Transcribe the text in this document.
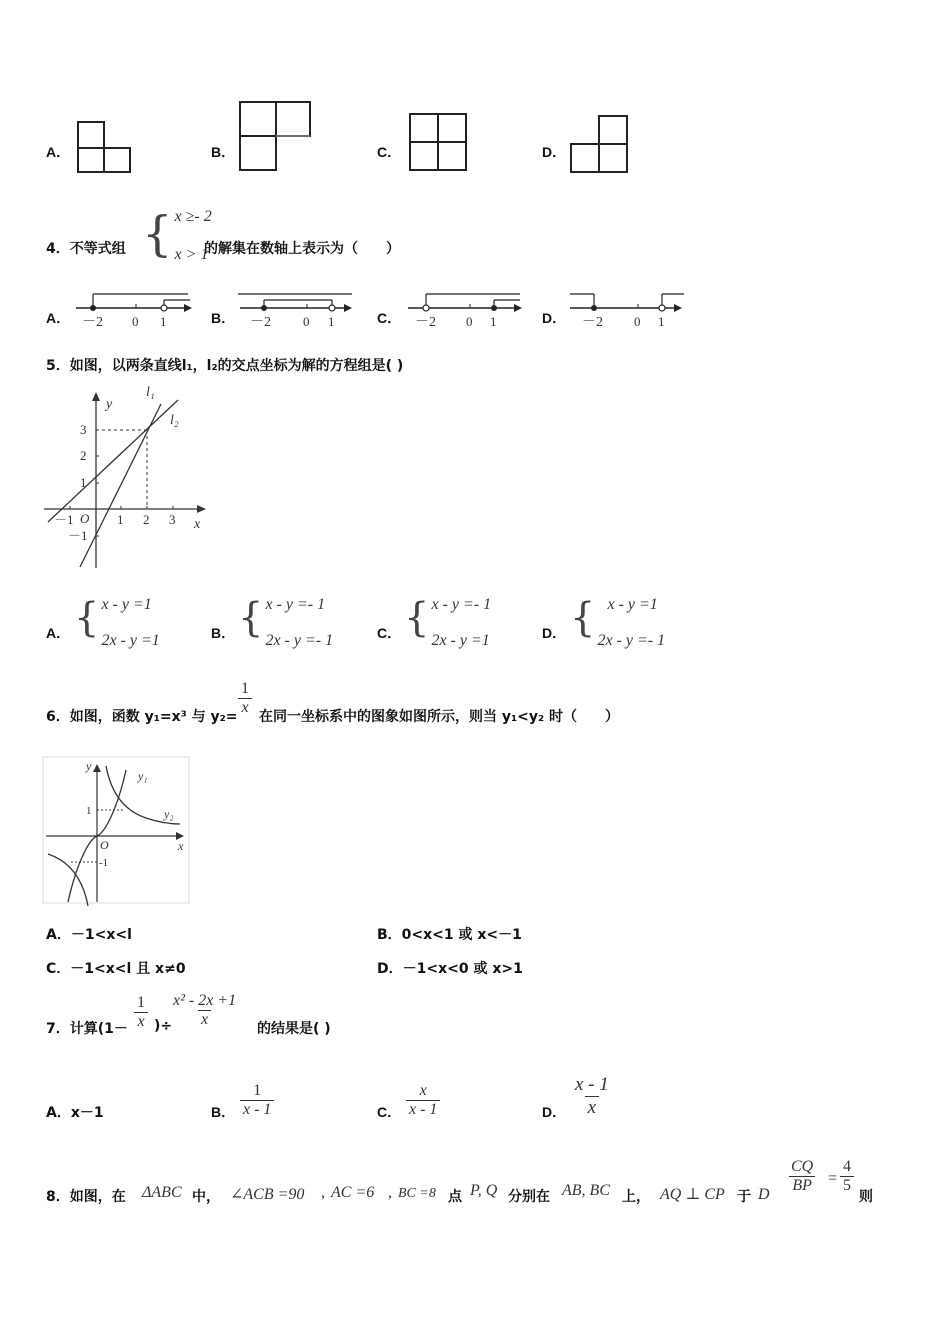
A．	B．	C．	D．
4．不等式组 { x ≥- 2
x > 1
的解集在数轴上表示为（　　）
A． －2 0 1	B． －2 0 1	C． －2 0 1	D． －2 0 1
5．如图，以两条直线l₁，l₂的交点坐标为解的方程组是( )
y
x
l₁
l₂
O
－1	1 2 3
3
2
1
－1
A． { x - y =1
2x - y =1	B． { x - y =- 1
2x - y =- 1	C． { x - y =- 1
2x - y =1	D． { x - y =1
2x - y =- 1
6．如图，函数 y₁=x³ 与 $y_2= \frac{1}{x}$ 在同一坐标系中的图象如图所示，则当 y₁<y₂ 时（　　）
y
x
y₁
y₂
O
1
-1
A．－1<x<l	B．0<x<1 或 x<－1
C．－1<x<l 且 x≠0	D．－1<x<0 或 x>1
7．计算($1- \frac{1}{x}$ )÷
$\frac{\text{x² - 2x +1}}{x}$ 的结果是( )
A．x－1	B． $\frac{1}{x - 1}$	C． $\frac{x}{x - 1}$	D． $\frac{x - 1}{x}$
8．如图，在 ΔABC 中， ∠ACB =90 , AC =6 , BC =8 点 P, Q 分别在 AB, BC 上， AQ ⊥ CP 于 D $\frac{CQ}{BP} = \frac{4}{5}$
则
